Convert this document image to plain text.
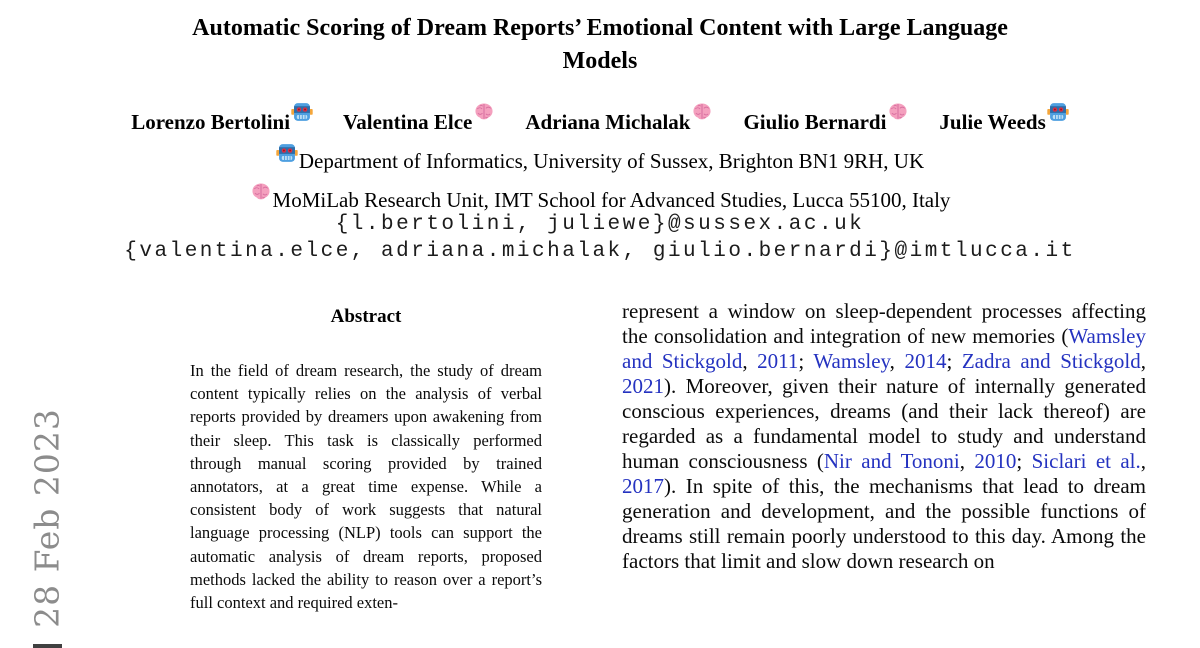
28 Feb 2023
Automatic Scoring of Dream Reports’ Emotional Content with Large Language Models
Lorenzo Bertolini	Valentina Elce	Adriana Michalak	Giulio Bernardi	Julie Weeds
Department of Informatics, University of Sussex, Brighton BN1 9RH, UK
MoMiLab Research Unit, IMT School for Advanced Studies, Lucca 55100, Italy
{l.bertolini, juliewe}@sussex.ac.uk
{valentina.elce, adriana.michalak, giulio.bernardi}@imtlucca.it
Abstract

In the field of dream research, the study of dream content typically relies on the analysis of verbal reports provided by dreamers upon awakening from their sleep. This task is classically performed through manual scoring provided by trained annotators, at a great time expense. While a consistent body of work suggests that natural language processing (NLP) tools can support the automatic analysis of dream reports, proposed methods lacked the ability to reason over a report’s full context and required exten-

represent a window on sleep-dependent processes affecting the consolidation and integration of new memories (Wamsley and Stickgold, 2011; Wamsley, 2014; Zadra and Stickgold, 2021). Moreover, given their nature of internally generated conscious experiences, dreams (and their lack thereof) are regarded as a fundamental model to study and understand human consciousness (Nir and Tononi, 2010; Siclari et al., 2017). In spite of this, the mechanisms that lead to dream generation and development, and the possible functions of dreams still remain poorly understood to this day. Among the factors that limit and slow down research on
